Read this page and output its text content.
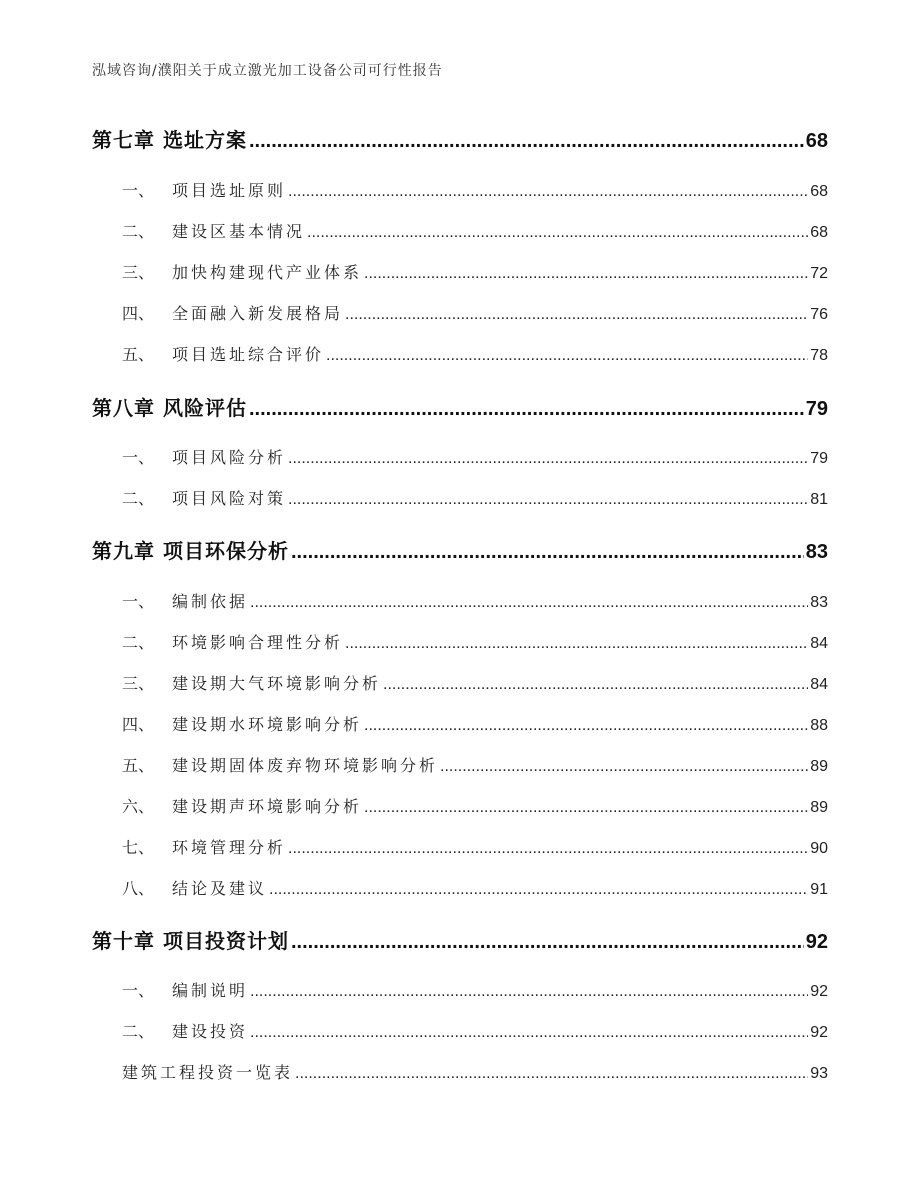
泓域咨询/濮阳关于成立激光加工设备公司可行性报告
第七章 选址方案 .....	68
一、 项目选址原则 .....	68
二、 建设区基本情况 .....	68
三、 加快构建现代产业体系 .....	72
四、 全面融入新发展格局 .....	76
五、 项目选址综合评价 .....	78
第八章 风险评估 .....	79
一、 项目风险分析 .....	79
二、 项目风险对策 .....	81
第九章 项目环保分析 .....	83
一、 编制依据 .....	83
二、 环境影响合理性分析 .....	84
三、 建设期大气环境影响分析 .....	84
四、 建设期水环境影响分析 .....	88
五、 建设期固体废弃物环境影响分析 .....	89
六、 建设期声环境影响分析 .....	89
七、 环境管理分析 .....	90
八、 结论及建议 .....	91
第十章 项目投资计划 .....	92
一、 编制说明 .....	92
二、 建设投资 .....	92
建筑工程投资一览表 .....	93
